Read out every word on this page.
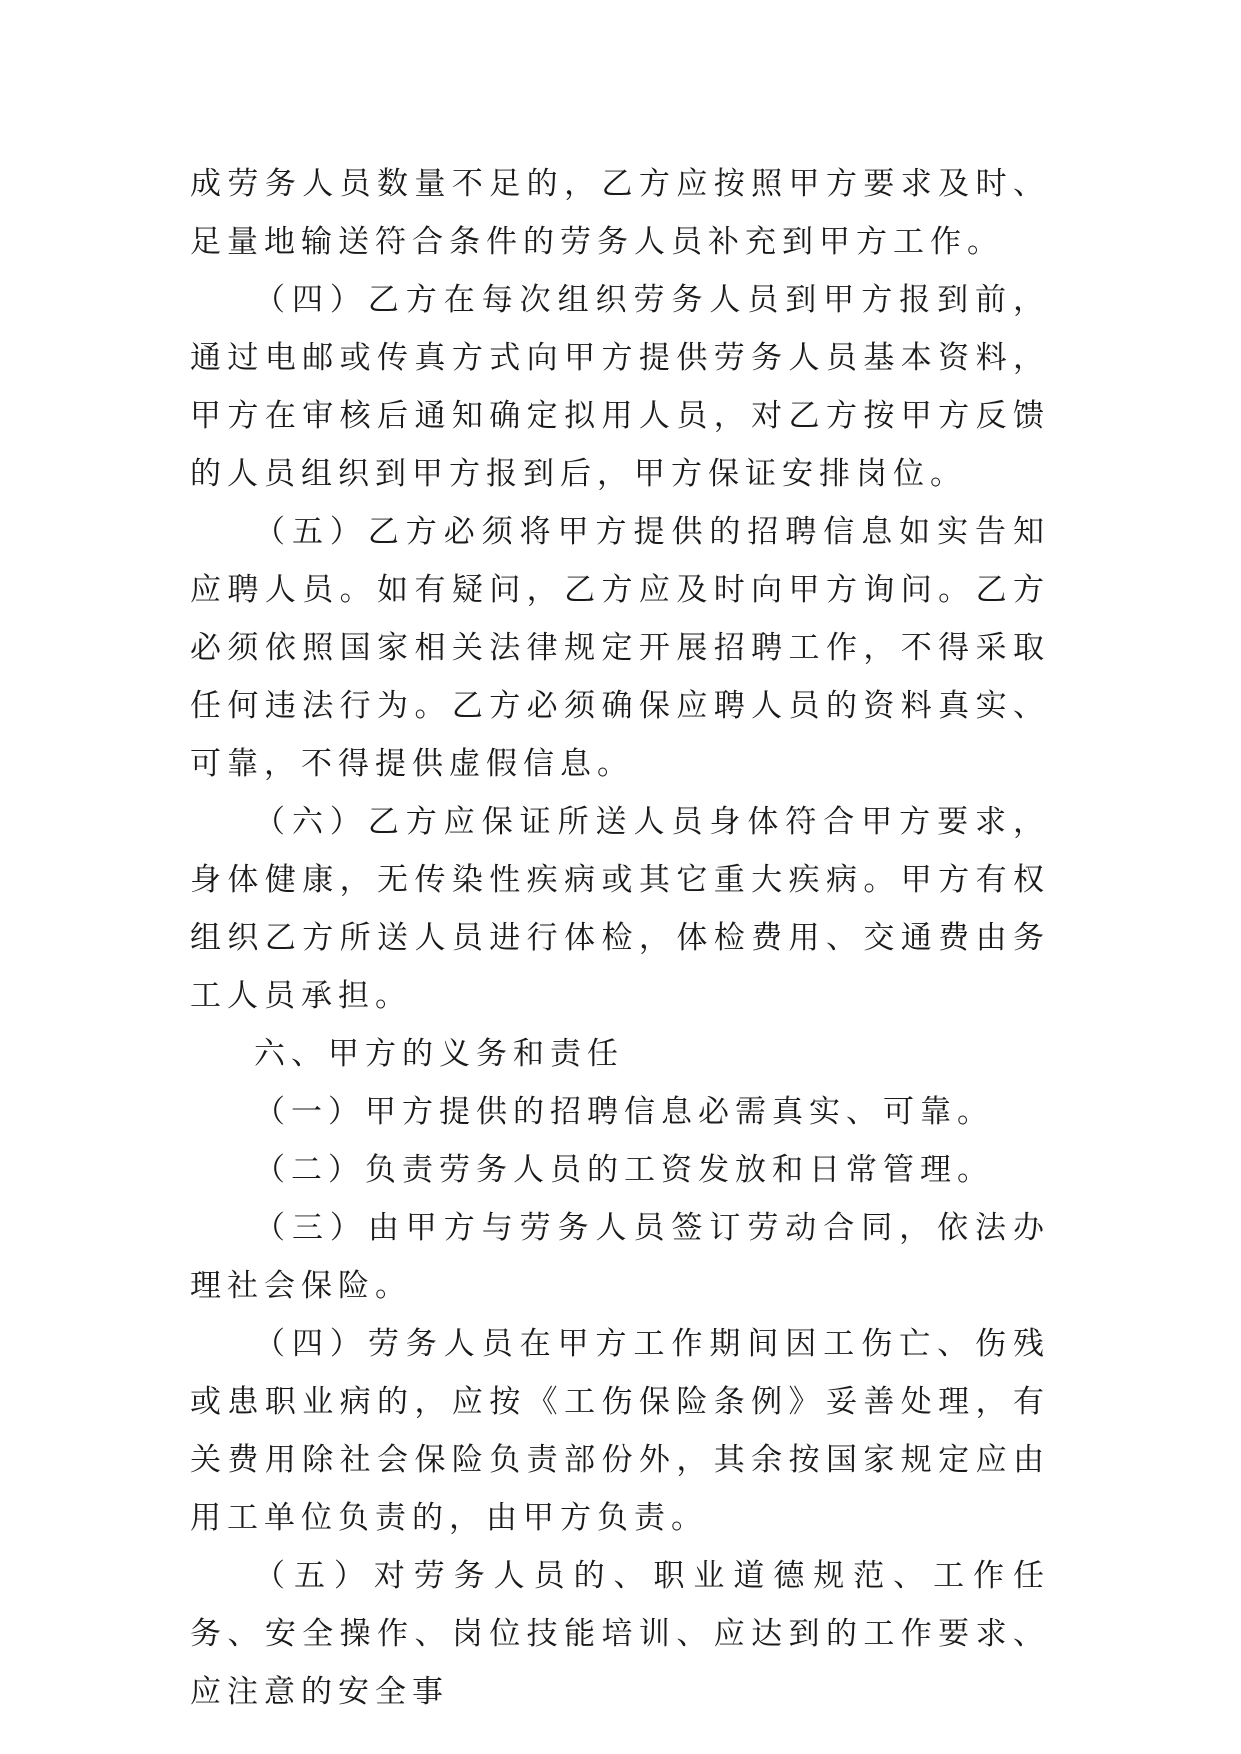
成劳务人员数量不足的，乙方应按照甲方要求及时、足量地输送符合条件的劳务人员补充到甲方工作。

（四）乙方在每次组织劳务人员到甲方报到前，通过电邮或传真方式向甲方提供劳务人员基本资料，甲方在审核后通知确定拟用人员，对乙方按甲方反馈的人员组织到甲方报到后，甲方保证安排岗位。

（五）乙方必须将甲方提供的招聘信息如实告知应聘人员。如有疑问，乙方应及时向甲方询问。乙方必须依照国家相关法律规定开展招聘工作，不得采取任何违法行为。乙方必须确保应聘人员的资料真实、可靠，不得提供虚假信息。

（六）乙方应保证所送人员身体符合甲方要求，身体健康，无传染性疾病或其它重大疾病。甲方有权组织乙方所送人员进行体检，体检费用、交通费由务工人员承担。

六、甲方的义务和责任

（一）甲方提供的招聘信息必需真实、可靠。

（二）负责劳务人员的工资发放和日常管理。

（三）由甲方与劳务人员签订劳动合同，依法办理社会保险。

（四）劳务人员在甲方工作期间因工伤亡、伤残或患职业病的，应按《工伤保险条例》妥善处理，有关费用除社会保险负责部份外，其余按国家规定应由用工单位负责的，由甲方负责。

（五）对劳务人员的、职业道德规范、工作任务、安全操作、岗位技能培训、应达到的工作要求、应注意的安全事
